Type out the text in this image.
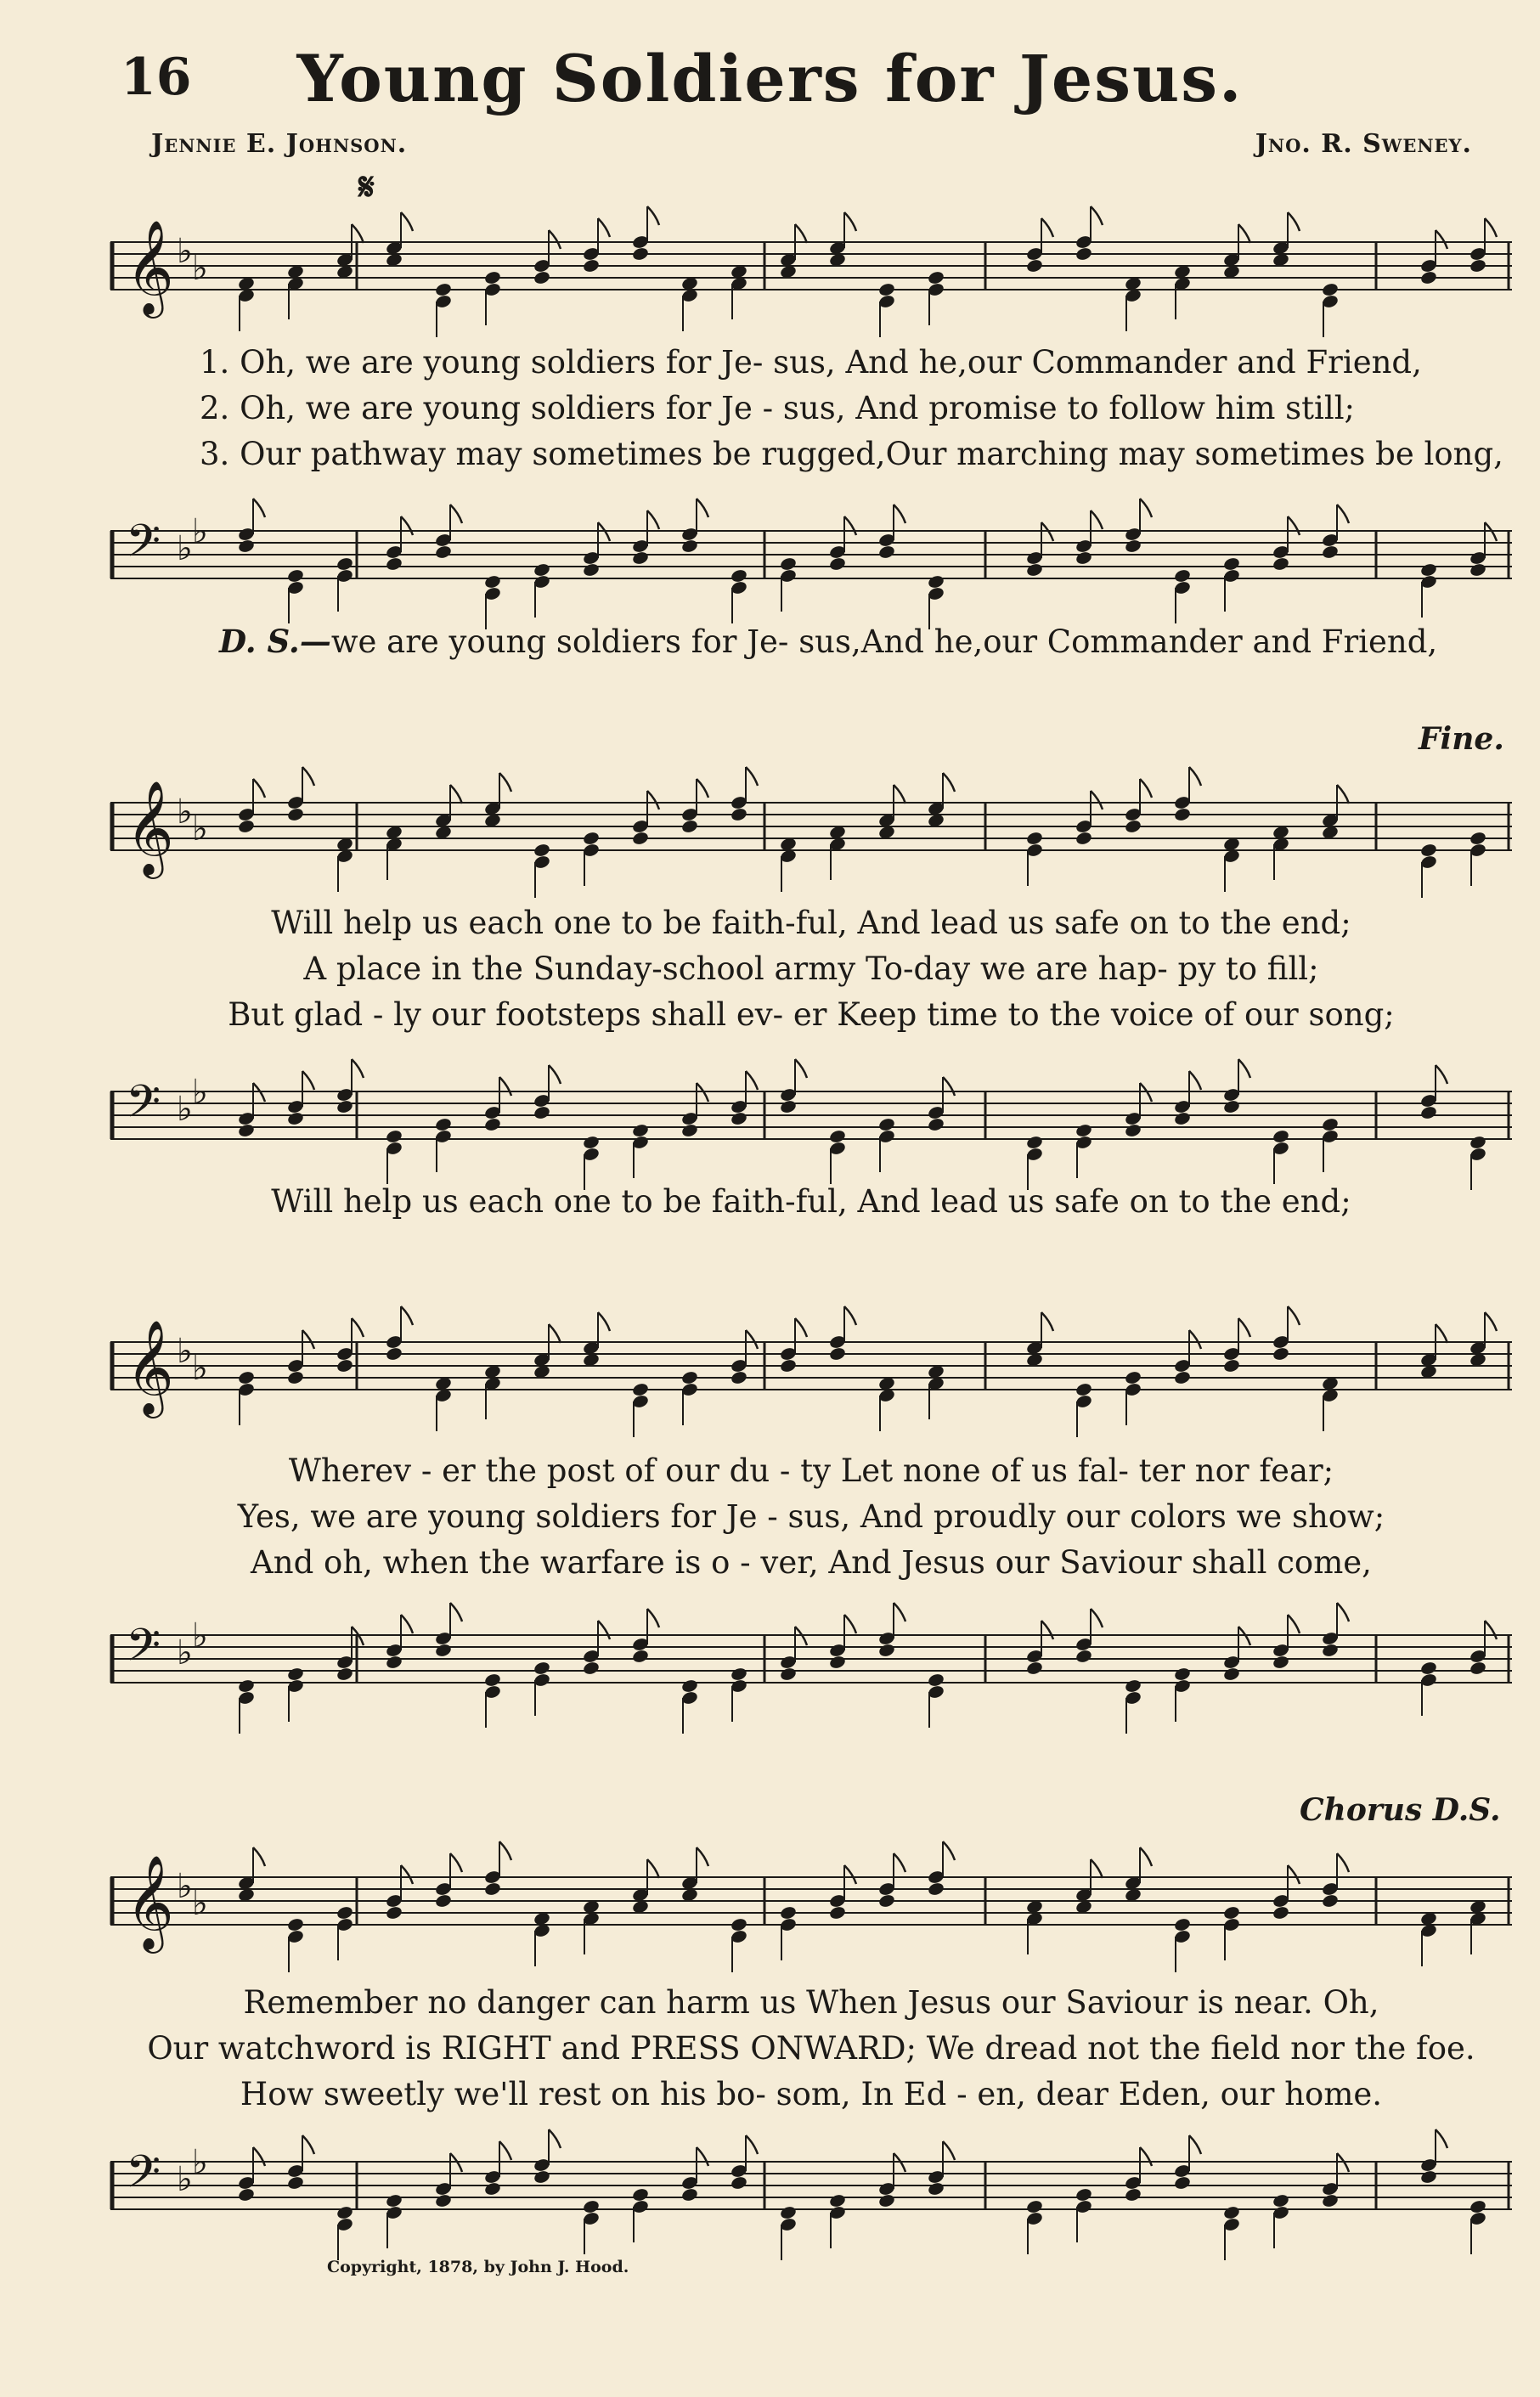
16	Young Soldiers for Jesus.
Jennie E. Johnson.	Jno. R. Sweney.
𝄋
𝄞 ♭ ♭
1. Oh, we are young soldiers for Je- sus, And he,our Commander and Friend,
2. Oh, we are young soldiers for Je - sus, And promise to follow him still;
3. Our pathway may sometimes be rugged,Our marching may sometimes be long,
𝄢 ♭ ♭
D. S.—we are young soldiers for Je- sus,And he,our Commander and Friend,
Fine.
𝄞 ♭ ♭
Will help us each one to be faith-ful, And lead us safe on to the end;
A place in the Sunday-school army To-day we are hap- py to fill;
But glad - ly our footsteps shall ev- er Keep time to the voice of our song;
𝄢 ♭ ♭
Will help us each one to be faith-ful, And lead us safe on to the end;
𝄞 ♭ ♭
Wherev - er the post of our du - ty Let none of us fal- ter nor fear;
Yes, we are young soldiers for Je - sus, And proudly our colors we show;
And oh, when the warfare is o - ver, And Jesus our Saviour shall come,
𝄢 ♭ ♭
Chorus D.S.
𝄞 ♭ ♭
Remember no danger can harm us When Jesus our Saviour is near. Oh,
Our watchword is RIGHT and PRESS ONWARD; We dread not the field nor the foe.
How sweetly we'll rest on his bo- som, In Ed - en, dear Eden, our home.
𝄢 ♭ ♭
Copyright, 1878, by John J. Hood.
